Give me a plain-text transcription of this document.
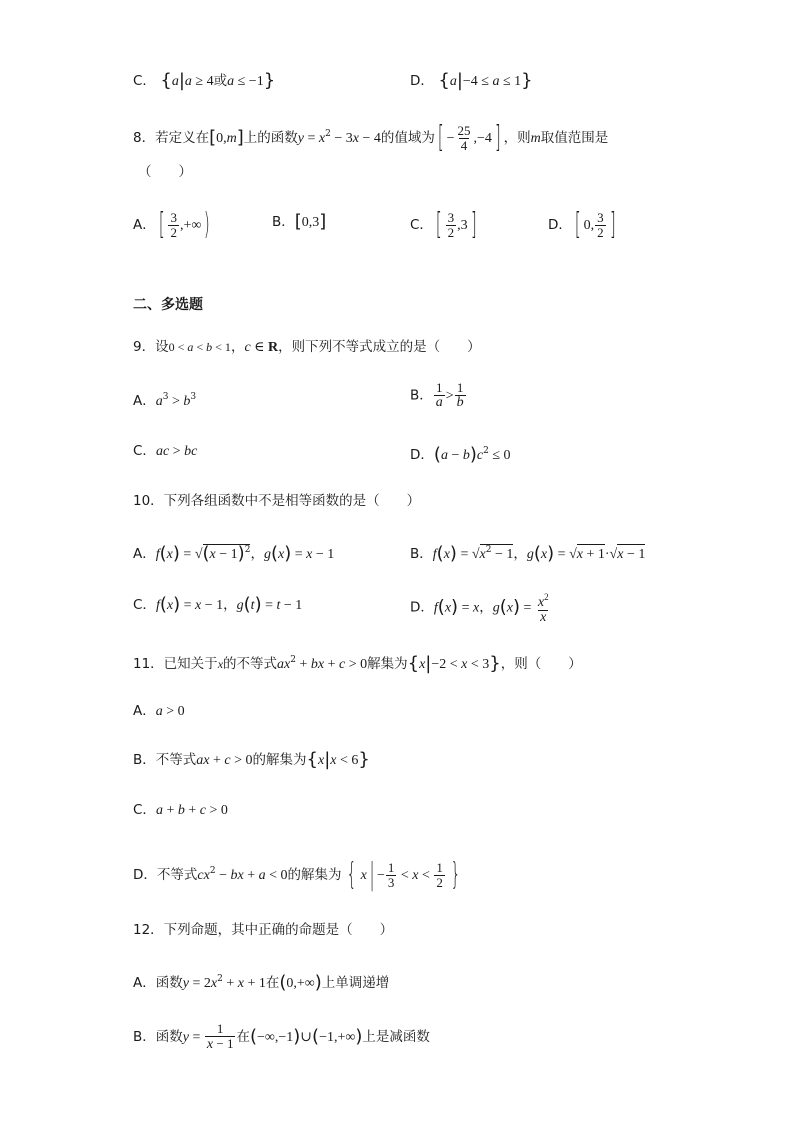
C． {a|a ≥ 4或a ≤ −1}	D． {a|−4 ≤ a ≤ 1}
8．若定义在[0,m]上的函数$y = x^2 - 3x - 4$的值域为[ − $\frac{25}{4} ,-4$] ，则m取值范围是
（　　）
A．[ $\frac{3}{2}$ ,+∞)	B．[0,3]	C．[ $\frac{3}{2} ,3$]	D．[ 0, $\frac{3}{2}$ ]
二、多选题
9．设0 < a < b < 1，c ∈ R，则下列不等式成立的是（　　）
A．$a^3 > b^3$	B． $\frac{1}{a} > \frac{1}{b}$
C．ac > bc	D．$(a - b)c^2 \le 0$
10．下列各组函数中不是相等函数的是（　　）
A．$f(x) = √(x - 1)^2$，g(x) = x − 1	B．$f(x) = √x^2 - 1$，g(x) = √x + 1·√x − 1
C．f(x) = x − 1，g(t) = t − 1	D．f(x) = x，$g(x) = \frac{x^2}{x}$
11．已知关于x的不等式$ax^2$ + bx + c > 0解集为{x|−2 < x < 3}，则（　　）
A．a > 0
B．不等式ax + c > 0的解集为{x|x < 6}
C．a + b + c > 0
D．不等式$cx^2$ − bx + a < 0的解集为 { $x| - \frac{1}{3} < x < \frac{1}{2}$ }
12．下列命题，其中正确的命题是（　　）
A．函数$y = 2x^2 + x + 1$在(0,+∞)上单调递增
B．函数$y = \frac{1}{x - 1}$ 在(−∞,−1)∪(−1,+∞)上是减函数
